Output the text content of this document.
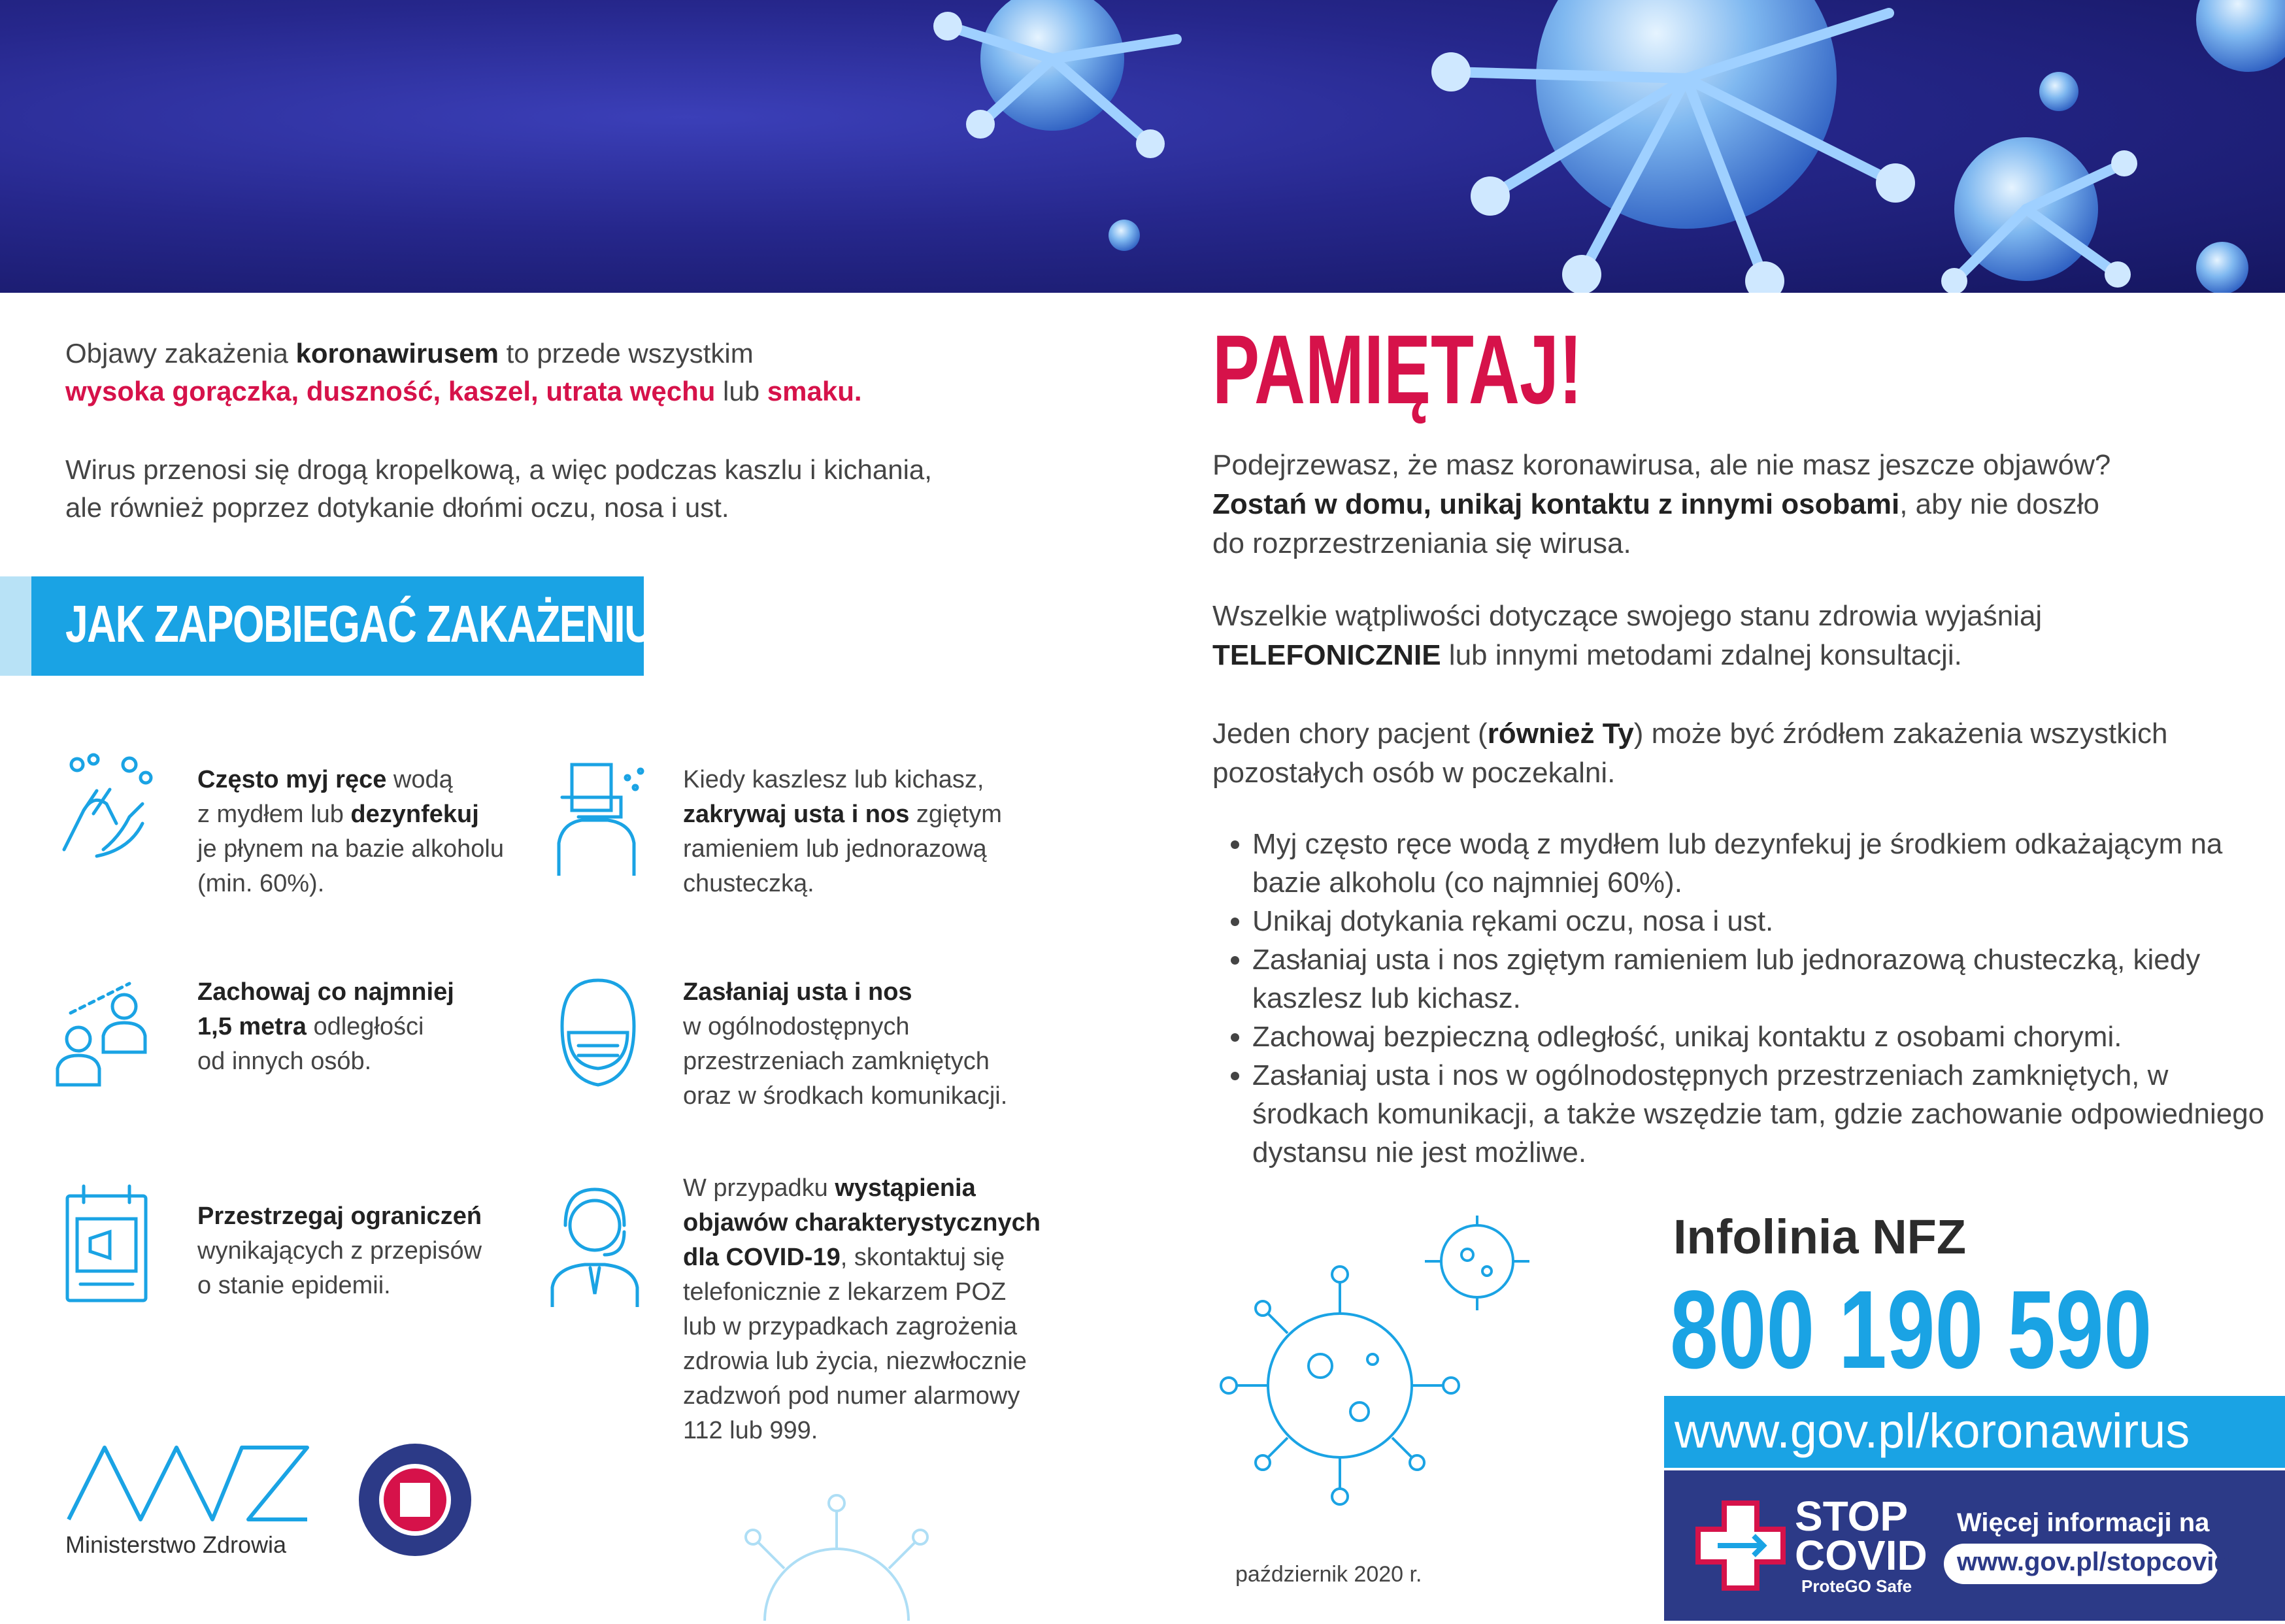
Objawy zakażenia koronawirusem to przede wszystkim
wysoka gorączka, duszność, kaszel, utrata węchu lub smaku.
Wirus przenosi się drogą kropelkową, a więc podczas kaszlu i kichania,
ale również poprzez dotykanie dłońmi oczu, nosa i ust.
JAK ZAPOBIEGAĆ ZAKAŻENIU?
Często myj ręce wodą
z mydłem lub dezynfekuj
je płynem na bazie alkoholu
(min. 60%).
Kiedy kaszlesz lub kichasz,
zakrywaj usta i nos zgiętym
ramieniem lub jednorazową
chusteczką.
Zachowaj co najmniej
1,5 metra odległości
od innych osób.
Zasłaniaj usta i nos
w ogólnodostępnych
przestrzeniach zamkniętych
oraz w środkach komunikacji.
Przestrzegaj ograniczeń
wynikających z przepisów
o stanie epidemii.
W przypadku wystąpienia
objawów charakterystycznych
dla COVID-19, skontaktuj się
telefonicznie z lekarzem POZ
lub w przypadkach zagrożenia
zdrowia lub życia, niezwłocznie
zadzwoń pod numer alarmowy
112 lub 999.
Ministerstwo Zdrowia
PAMIĘTAJ!
Podejrzewasz, że masz koronawirusa, ale nie masz jeszcze objawów?
Zostań w domu, unikaj kontaktu z innymi osobami, aby nie doszło
do rozprzestrzeniania się wirusa.
Wszelkie wątpliwości dotyczące swojego stanu zdrowia wyjaśniaj
TELEFONICZNIE lub innymi metodami zdalnej konsultacji.
Jeden chory pacjent (również Ty) może być źródłem zakażenia wszystkich
pozostałych osób w poczekalni.
• Myj często ręce wodą z mydłem lub dezynfekuj je środkiem odkażającym na bazie alkoholu (co najmniej 60%).
• Unikaj dotykania rękami oczu, nosa i ust.
• Zasłaniaj usta i nos zgiętym ramieniem lub jednorazową chusteczką, kiedy kaszlesz lub kichasz.
• Zachowaj bezpieczną odległość, unikaj kontaktu z osobami chorymi.
• Zasłaniaj usta i nos w ogólnodostępnych przestrzeniach zamkniętych, w środkach komunikacji, a także wszędzie tam, gdzie zachowanie odpowiedniego dystansu nie jest możliwe.
październik 2020 r.
Infolinia NFZ
800 190 590
www.gov.pl/koronawirus
STOP
COVID
ProteGO Safe
Więcej informacji na
www.gov.pl/stopcovid
